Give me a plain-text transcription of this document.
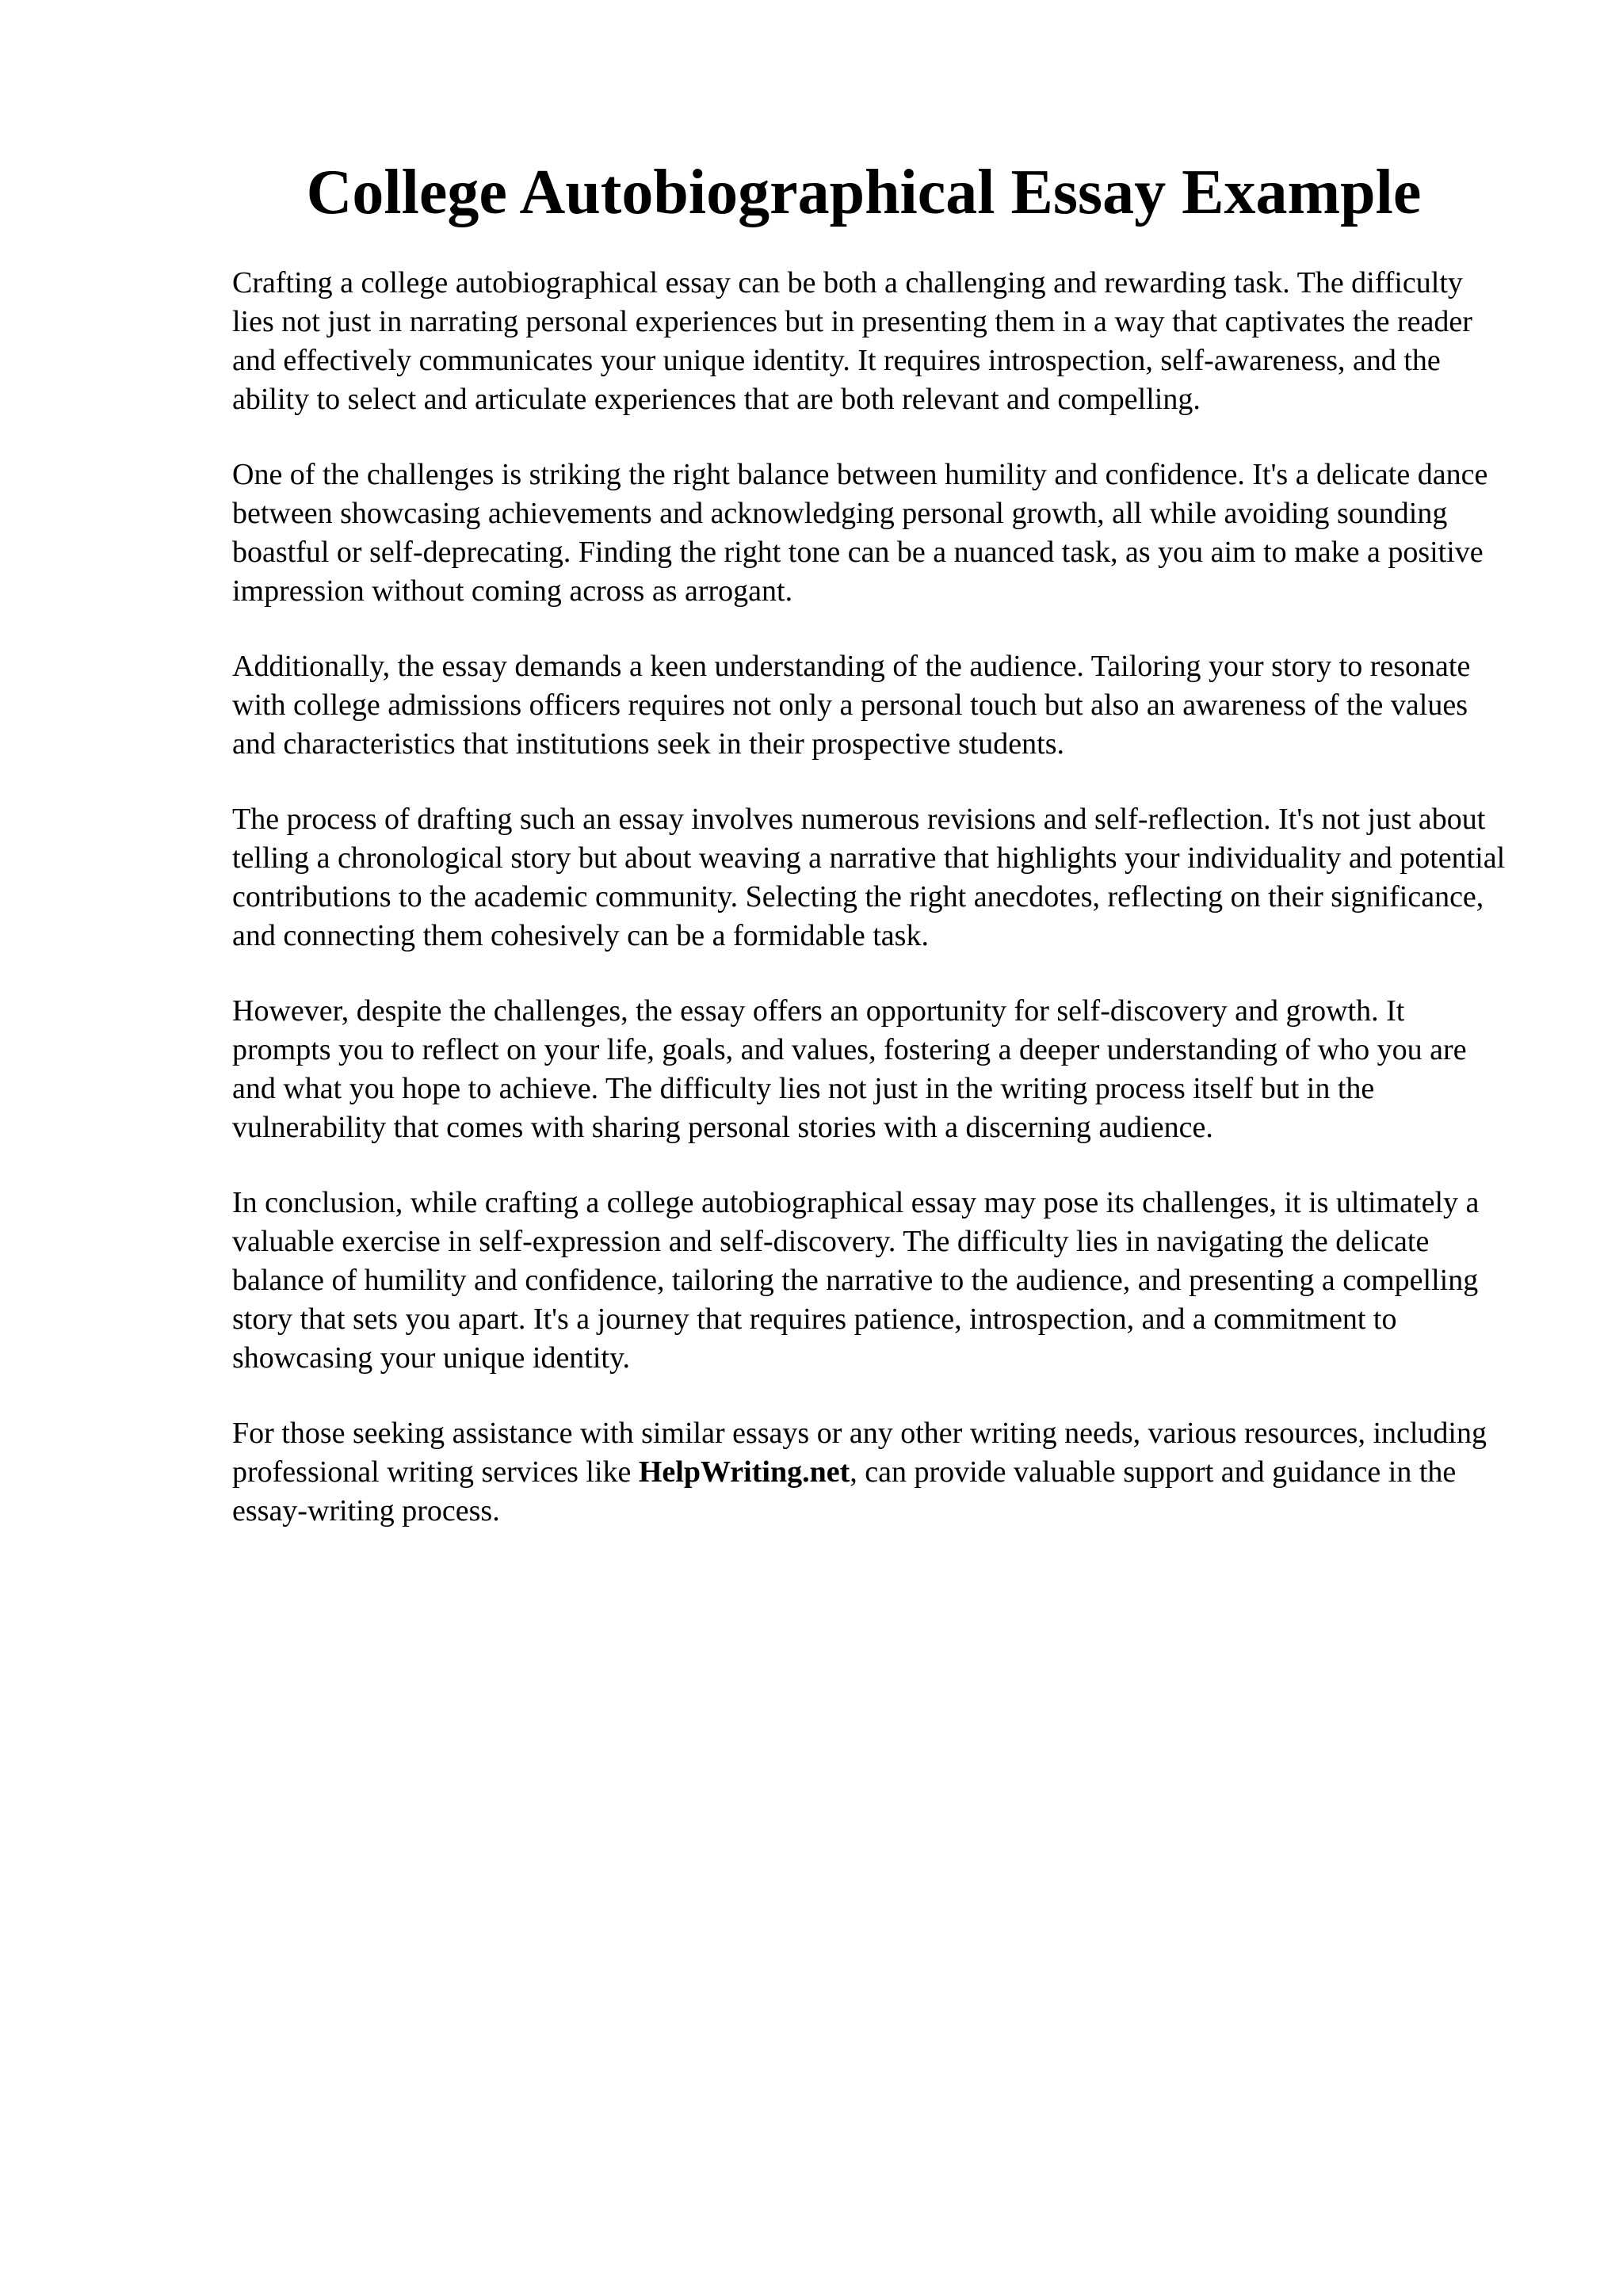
College Autobiographical Essay Example

Crafting a college autobiographical essay can be both a challenging and rewarding task. The difficulty lies not just in narrating personal experiences but in presenting them in a way that captivates the reader and effectively communicates your unique identity. It requires introspection, self-awareness, and the ability to select and articulate experiences that are both relevant and compelling.

One of the challenges is striking the right balance between humility and confidence. It's a delicate dance between showcasing achievements and acknowledging personal growth, all while avoiding sounding boastful or self-deprecating. Finding the right tone can be a nuanced task, as you aim to make a positive impression without coming across as arrogant.

Additionally, the essay demands a keen understanding of the audience. Tailoring your story to resonate with college admissions officers requires not only a personal touch but also an awareness of the values and characteristics that institutions seek in their prospective students.

The process of drafting such an essay involves numerous revisions and self-reflection. It's not just about telling a chronological story but about weaving a narrative that highlights your individuality and potential contributions to the academic community. Selecting the right anecdotes, reflecting on their significance, and connecting them cohesively can be a formidable task.

However, despite the challenges, the essay offers an opportunity for self-discovery and growth. It prompts you to reflect on your life, goals, and values, fostering a deeper understanding of who you are and what you hope to achieve. The difficulty lies not just in the writing process itself but in the vulnerability that comes with sharing personal stories with a discerning audience.

In conclusion, while crafting a college autobiographical essay may pose its challenges, it is ultimately a valuable exercise in self-expression and self-discovery. The difficulty lies in navigating the delicate balance of humility and confidence, tailoring the narrative to the audience, and presenting a compelling story that sets you apart. It's a journey that requires patience, introspection, and a commitment to showcasing your unique identity.

For those seeking assistance with similar essays or any other writing needs, various resources, including professional writing services like HelpWriting.net, can provide valuable support and guidance in the essay-writing process.
